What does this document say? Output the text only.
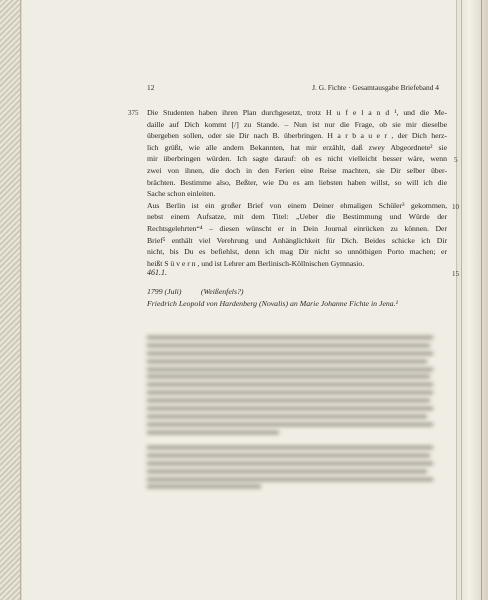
12	J. G. Fichte · Gesamtausgabe Briefeband 4
Die Studenten haben ihren Plan durchgesetzt, trotz H u f e l a n d ¹, und die Me-
daille auf Dich kommt [/] zu Stande. – Nun ist nur die Frage, ob sie mir dieselbe
übergeben sollen, oder sie Dir nach B. überbringen. H a r b a u e r , der Dich herz-
lich grüßt, wie alle andern Bekannten, hat mir erzählt, daß zwey Abgeordnete² sie
mir überbringen würden. Ich sagte darauf: ob es nicht vielleicht besser wäre, wenn
zwei von ihnen, die doch in den Ferien eine Reise machten, sie Dir selber über-
brächten. Bestimme also, Beßter, wie Du es am liebsten haben willst, so will ich die
Sache schon einleiten.
Aus Berlin ist ein großer Brief von einem Deiner ehmaligen Schüler³ gekommen,
nebst einem Aufsatze, mit dem Titel: „Ueber die Bestimmung und Würde der
Rechtsgelehrten“⁴ – diesen wünscht er in Dein Journal einrücken zu können. Der
Brief⁵ enthält viel Verehrung und Anhänglichkeit für Dich. Beides schicke ich Dir
nicht, bis Du es befiehlst, denn ich mag Dir nicht so unnöthigen Porto machen; er
heißt S ü v e r n , und ist Lehrer am Berlinisch-Köllnischen Gymnasio.
375
5
10
15
461.1.
1799 (Juli)          (Weißenfels?)
Friedrich Leopold von Hardenberg (Novalis) an Marie Johanne Fichte in Jena.¹
